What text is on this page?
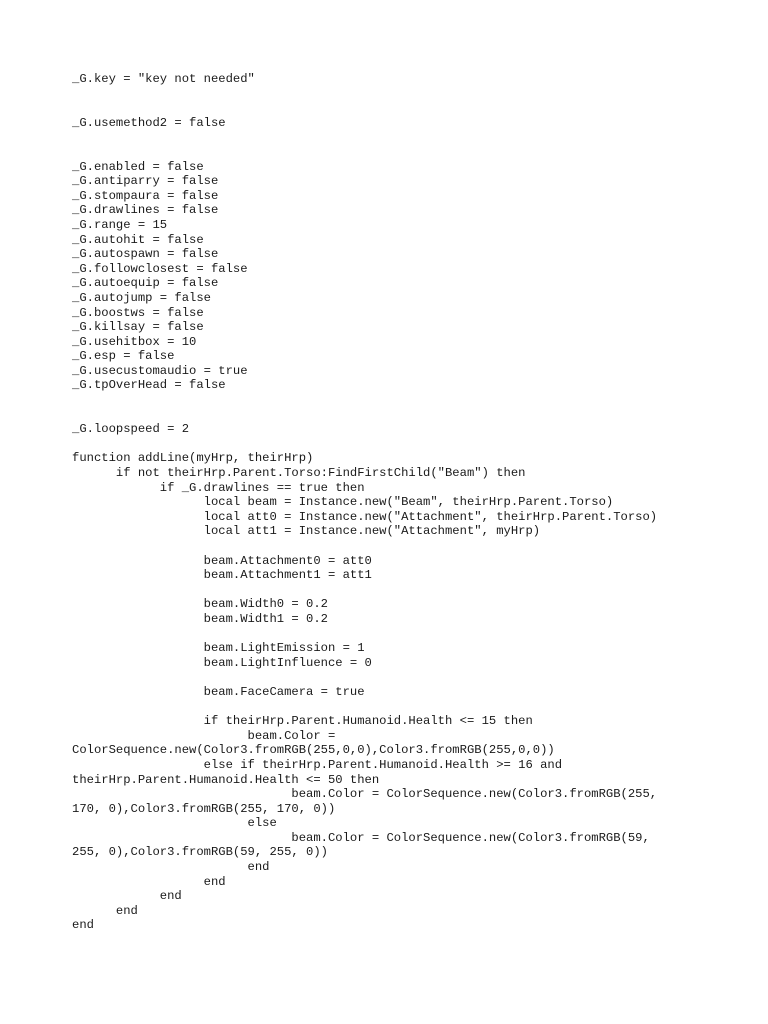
_G.key = "key not needed"
_G.usemethod2 = false
_G.enabled = false
_G.antiparry = false
_G.stompaura = false
_G.drawlines = false
_G.range = 15
_G.autohit = false
_G.autospawn = false
_G.followclosest = false
_G.autoequip = false
_G.autojump = false
_G.boostws = false
_G.killsay = false
_G.usehitbox = 10
_G.esp = false
_G.usecustomaudio = true
_G.tpOverHead = false
_G.loopspeed = 2
function addLine(myHrp, theirHrp)
if not theirHrp.Parent.Torso:FindFirstChild("Beam") then
if _G.drawlines == true then
local beam = Instance.new("Beam", theirHrp.Parent.Torso)
local att0 = Instance.new("Attachment", theirHrp.Parent.Torso)
local att1 = Instance.new("Attachment", myHrp)
beam.Attachment0 = att0
beam.Attachment1 = att1
beam.Width0 = 0.2
beam.Width1 = 0.2
beam.LightEmission = 1
beam.LightInfluence = 0
beam.FaceCamera = true
if theirHrp.Parent.Humanoid.Health <= 15 then
beam.Color =
ColorSequence.new(Color3.fromRGB(255,0,0),Color3.fromRGB(255,0,0))
else if theirHrp.Parent.Humanoid.Health >= 16 and
theirHrp.Parent.Humanoid.Health <= 50 then
beam.Color = ColorSequence.new(Color3.fromRGB(255,
170, 0),Color3.fromRGB(255, 170, 0))
else
beam.Color = ColorSequence.new(Color3.fromRGB(59,
255, 0),Color3.fromRGB(59, 255, 0))
end
end
end
end
end
